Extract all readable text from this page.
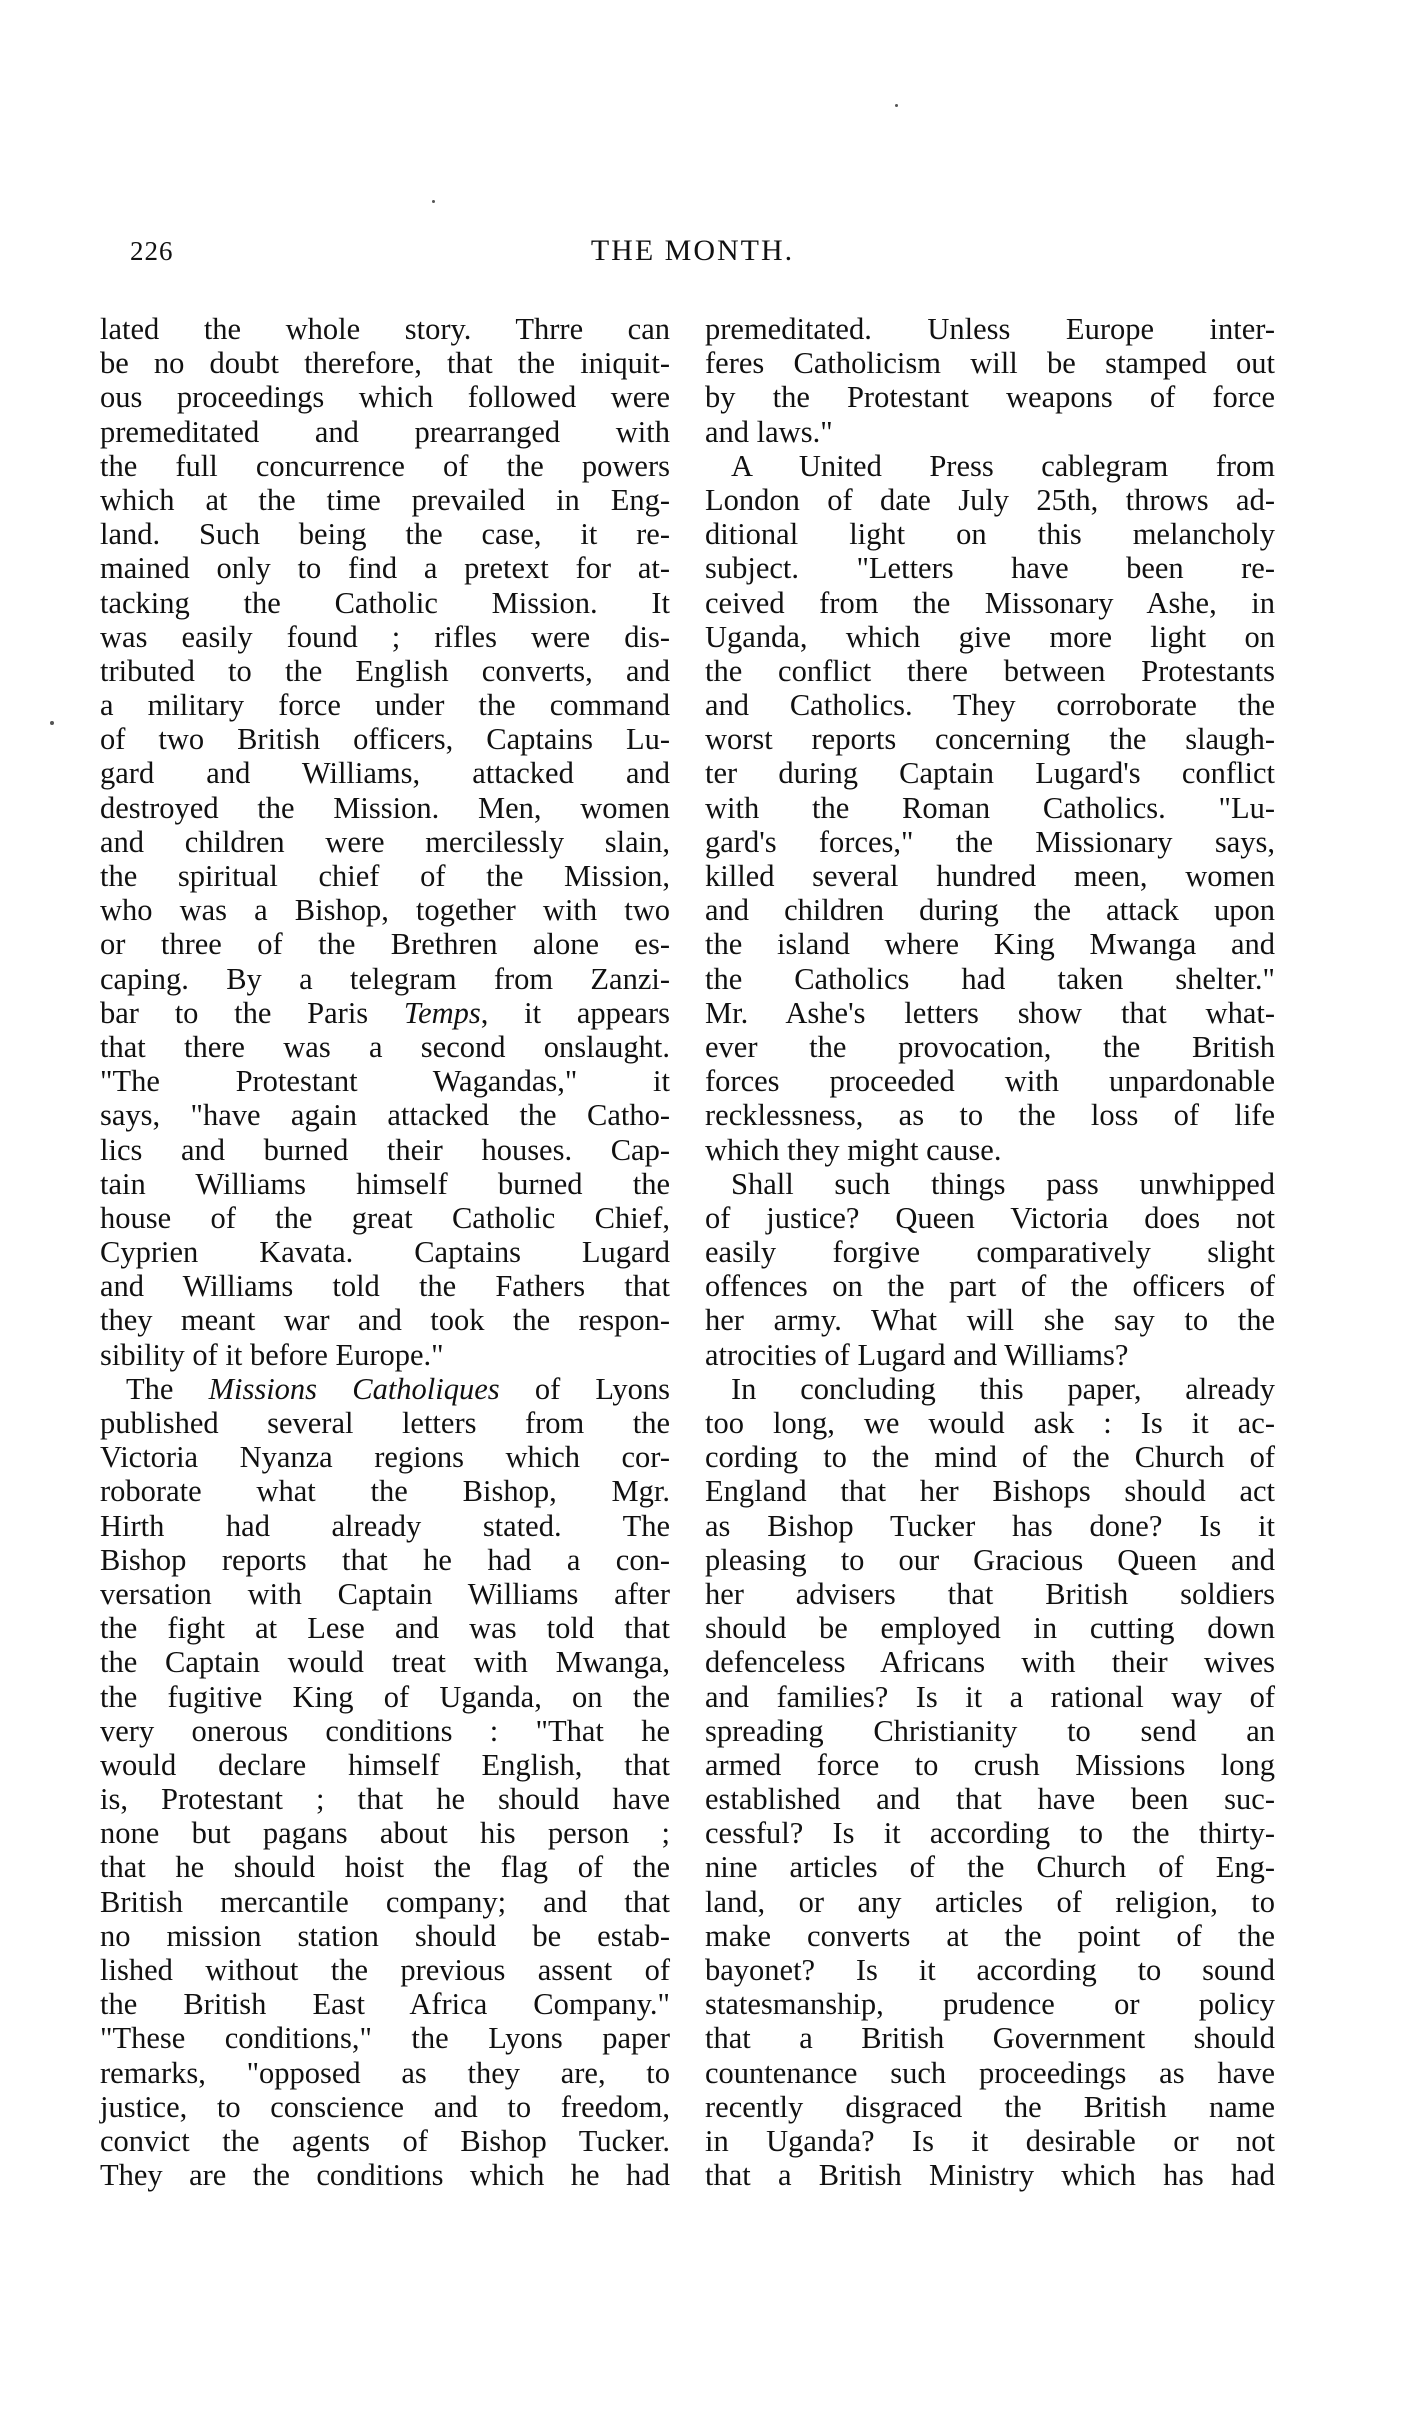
226	THE MONTH.
lated the whole story. Thrre can
be no doubt therefore, that the iniquit-
ous proceedings which followed were
premeditated and prearranged with
the full concurrence of the powers
which at the time prevailed in Eng-
land. Such being the case, it re-
mained only to find a pretext for at-
tacking the Catholic Mission. It
was easily found ; rifles were dis-
tributed to the English converts, and
a military force under the command
of two British officers, Captains Lu-
gard and Williams, attacked and
destroyed the Mission. Men, women
and children were mercilessly slain,
the spiritual chief of the Mission,
who was a Bishop, together with two
or three of the Brethren alone es-
caping. By a telegram from Zanzi-
bar to the Paris Temps, it appears
that there was a second onslaught.
"The Protestant Wagandas," it
says, "have again attacked the Catho-
lics and burned their houses. Cap-
tain Williams himself burned the
house of the great Catholic Chief,
Cyprien Kavata. Captains Lugard
and Williams told the Fathers that
they meant war and took the respon-
sibility of it before Europe."
The Missions Catholiques of Lyons
published several letters from the
Victoria Nyanza regions which cor-
roborate what the Bishop, Mgr.
Hirth had already stated. The
Bishop reports that he had a con-
versation with Captain Williams after
the fight at Lese and was told that
the Captain would treat with Mwanga,
the fugitive King of Uganda, on the
very onerous conditions : "That he
would declare himself English, that
is, Protestant ; that he should have
none but pagans about his person ;
that he should hoist the flag of the
British mercantile company; and that
no mission station should be estab-
lished without the previous assent of
the British East Africa Company."
"These conditions," the Lyons paper
remarks, "opposed as they are, to
justice, to conscience and to freedom,
convict the agents of Bishop Tucker.
They are the conditions which he had
premeditated. Unless Europe inter-
feres Catholicism will be stamped out
by the Protestant weapons of force
and laws."
A United Press cablegram from
London of date July 25th, throws ad-
ditional light on this melancholy
subject. "Letters have been re-
ceived from the Missonary Ashe, in
Uganda, which give more light on
the conflict there between Protestants
and Catholics. They corroborate the
worst reports concerning the slaugh-
ter during Captain Lugard's conflict
with the Roman Catholics. "Lu-
gard's forces," the Missionary says,
killed several hundred meen, women
and children during the attack upon
the island where King Mwanga and
the Catholics had taken shelter."
Mr. Ashe's letters show that what-
ever the provocation, the British
forces proceeded with unpardonable
recklessness, as to the loss of life
which they might cause.
Shall such things pass unwhipped
of justice? Queen Victoria does not
easily forgive comparatively slight
offences on the part of the officers of
her army. What will she say to the
atrocities of Lugard and Williams?
In concluding this paper, already
too long, we would ask : Is it ac-
cording to the mind of the Church of
England that her Bishops should act
as Bishop Tucker has done? Is it
pleasing to our Gracious Queen and
her advisers that British soldiers
should be employed in cutting down
defenceless Africans with their wives
and families? Is it a rational way of
spreading Christianity to send an
armed force to crush Missions long
established and that have been suc-
cessful? Is it according to the thirty-
nine articles of the Church of Eng-
land, or any articles of religion, to
make converts at the point of the
bayonet? Is it according to sound
statesmanship, prudence or policy
that a British Government should
countenance such proceedings as have
recently disgraced the British name
in Uganda? Is it desirable or not
that a British Ministry which has had
